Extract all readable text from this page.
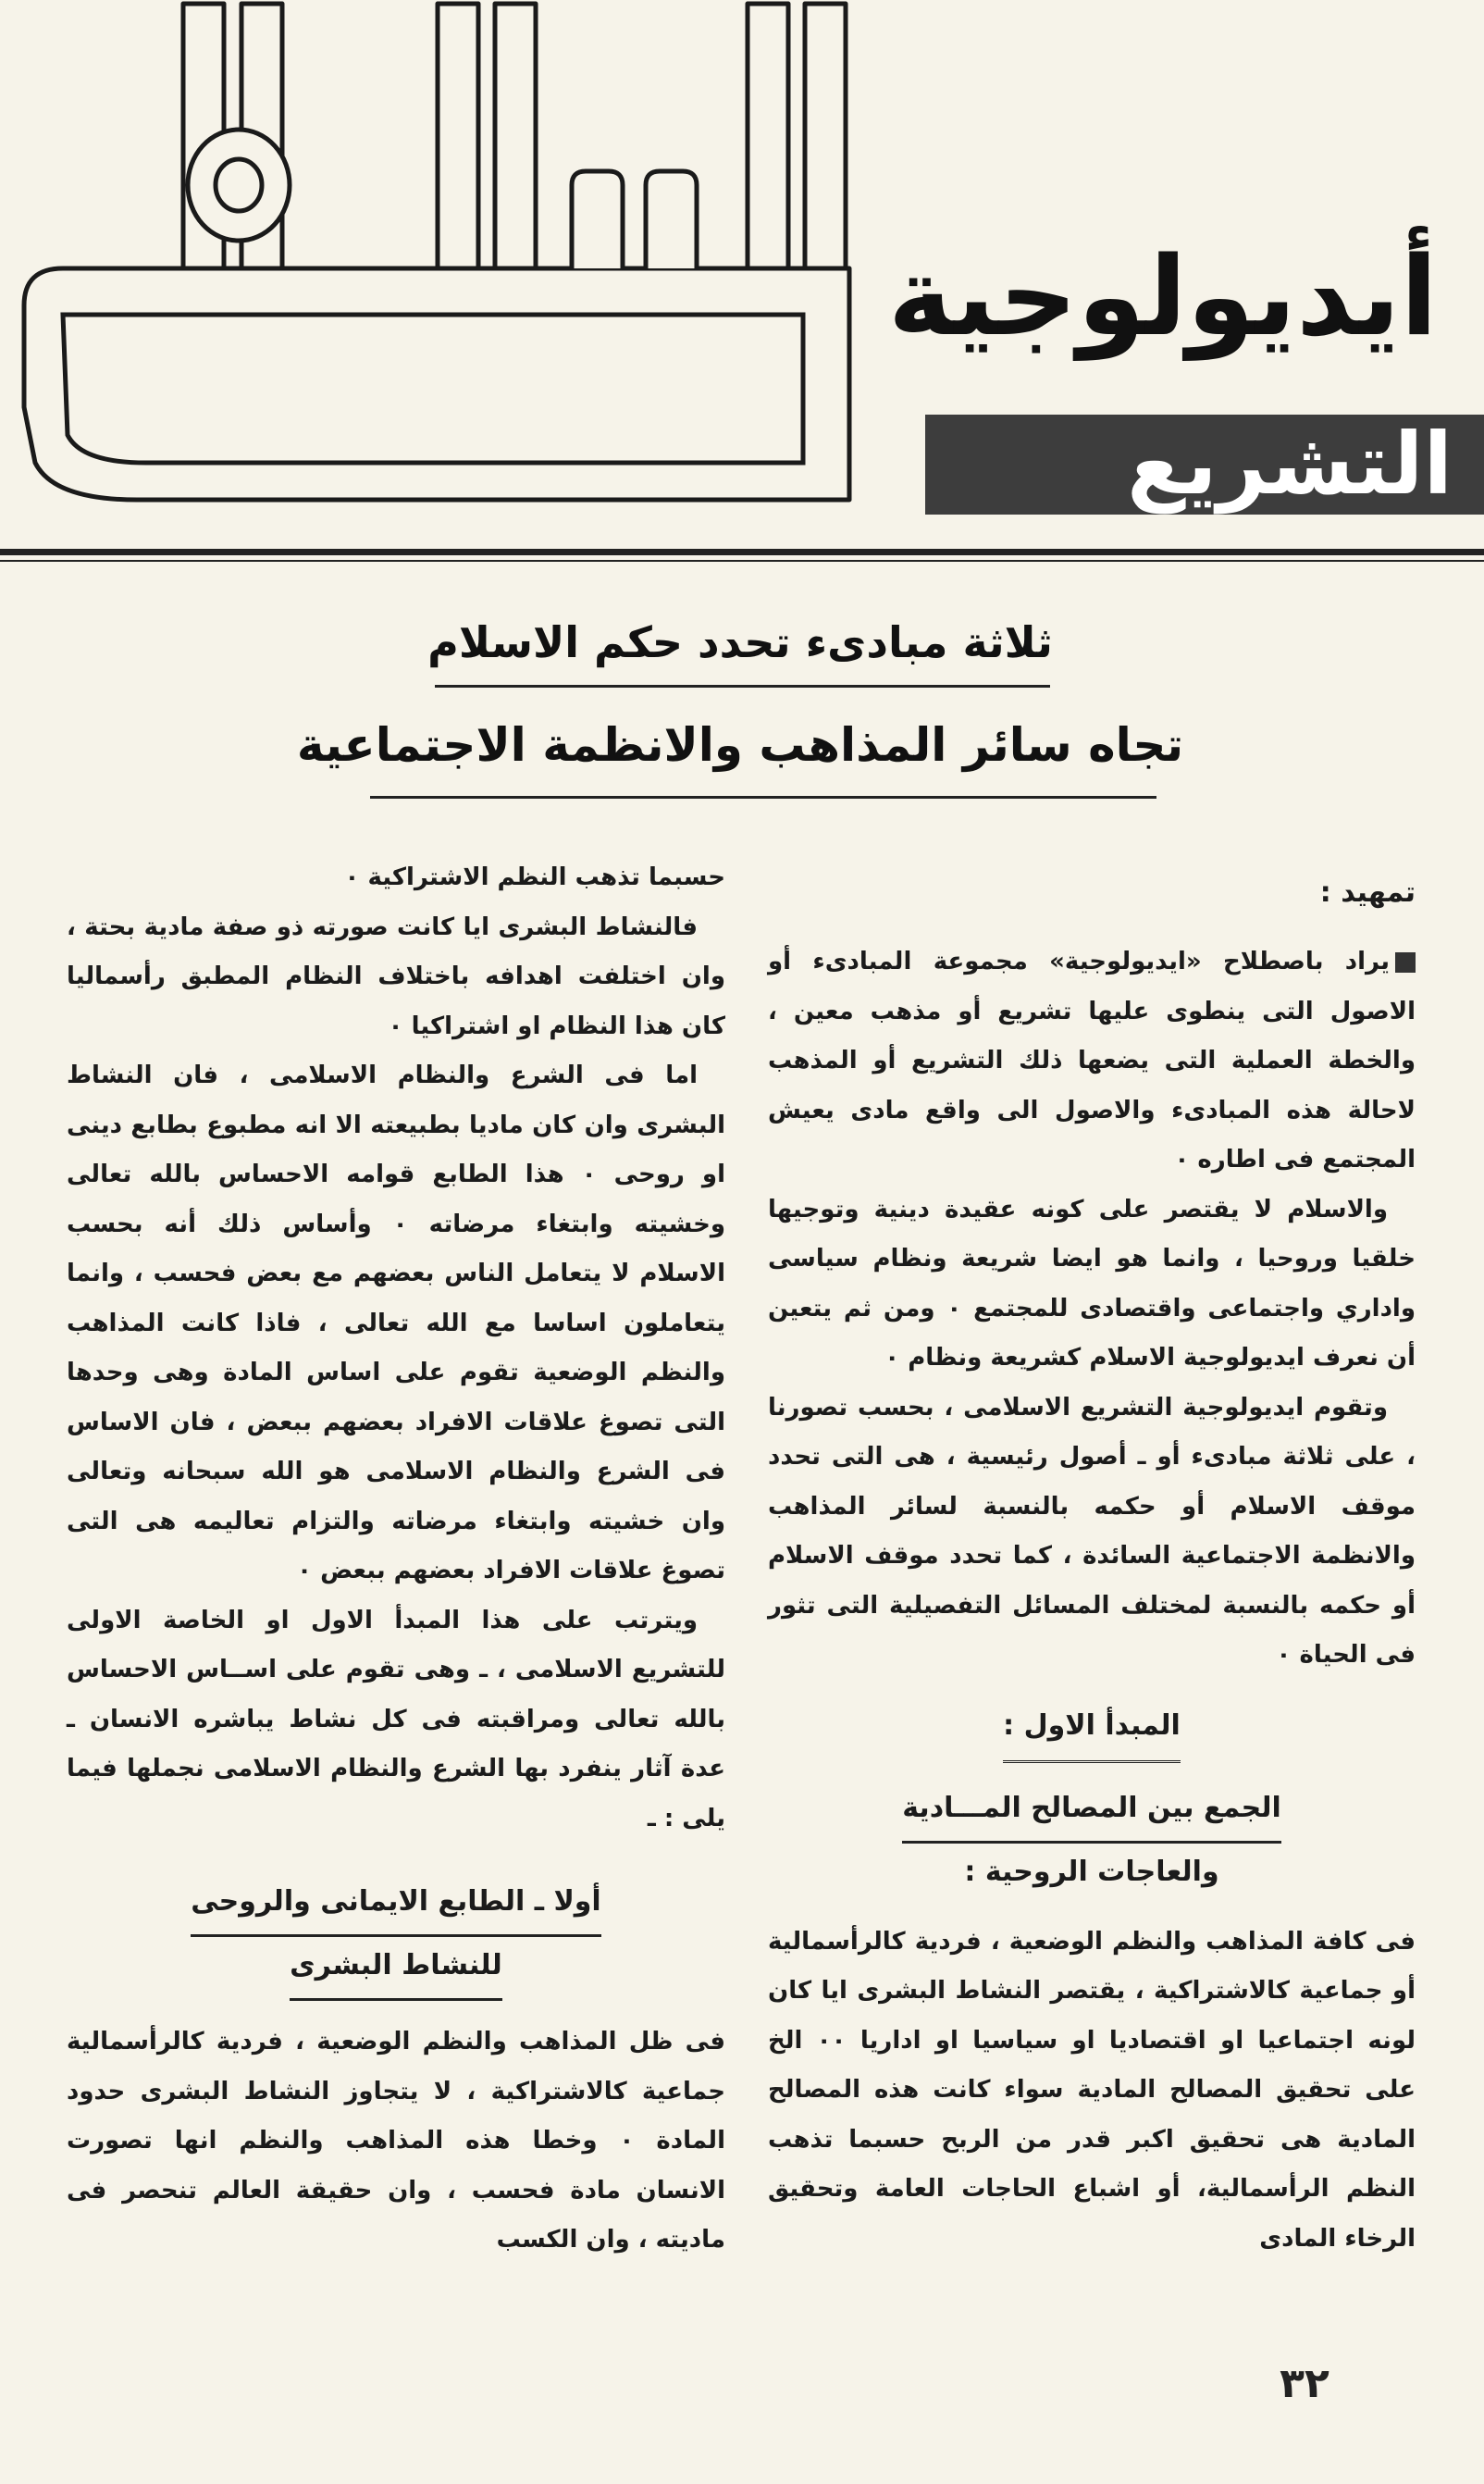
أيديولوجية
التشريع
ثلاثة مبادىء تحدد حكم الاسلام
تجاه سائر المذاهب والانظمة الاجتماعية

تمهيد :

يراد باصطلاح «ايديولوجية» مجموعة المبادىء أو الاصول التى ينطوى عليها تشريع أو مذهب معين ، والخطة العملية التى يضعها ذلك التشريع أو المذهب لاحالة هذه المبادىء والاصول الى واقع مادى يعيش المجتمع فى اطاره ٠

والاسلام لا يقتصر على كونه عقيدة دينية وتوجيها خلقيا وروحيا ، وانما هو ايضا شريعة ونظام سياسى واداري واجتماعى واقتصادى للمجتمع ٠ ومن ثم يتعين أن نعرف ايديولوجية الاسلام كشريعة ونظام ٠

وتقوم ايديولوجية التشريع الاسلامى ، بحسب تصورنا ، على ثلاثة مبادىء أو ـ أصول رئيسية ، هى التى تحدد موقف الاسلام أو حكمه بالنسبة لسائر المذاهب والانظمة الاجتماعية السائدة ، كما تحدد موقف الاسلام أو حكمه بالنسبة لمختلف المسائل التفصيلية التى تثور فى الحياة ٠

المبدأ الاول :

الجمع بين المصالح المـــادية

والعاجات الروحية :

فى كافة المذاهب والنظم الوضعية ، فردية كالرأسمالية أو جماعية كالاشتراكية ، يقتصر النشاط البشرى ايا كان لونه اجتماعيا او اقتصاديا او سياسيا او اداريا ٠٠ الخ على تحقيق المصالح المادية سواء كانت هذه المصالح المادية هى تحقيق اكبر قدر من الربح حسبما تذهب النظم الرأسمالية، أو اشباع الحاجات العامة وتحقيق الرخاء المادى

حسبما تذهب النظم الاشتراكية ٠

فالنشاط البشرى ايا كانت صورته ذو صفة مادية بحتة ، وان اختلفت اهدافه باختلاف النظام المطبق رأسماليا كان هذا النظام او اشتراكيا ٠

اما فى الشرع والنظام الاسلامى ، فان النشاط البشرى وان كان ماديا بطبيعته الا انه مطبوع بطابع دينى او روحى ٠ هذا الطابع قوامه الاحساس بالله تعالى وخشيته وابتغاء مرضاته ٠ وأساس ذلك أنه بحسب الاسلام لا يتعامل الناس بعضهم مع بعض فحسب ، وانما يتعاملون اساسا مع الله تعالى ، فاذا كانت المذاهب والنظم الوضعية تقوم على اساس المادة وهى وحدها التى تصوغ علاقات الافراد بعضهم ببعض ، فان الاساس فى الشرع والنظام الاسلامى هو الله سبحانه وتعالى وان خشيته وابتغاء مرضاته والتزام تعاليمه هى التى تصوغ علاقات الافراد بعضهم ببعض ٠

ويترتب على هذا المبدأ الاول او الخاصة الاولى للتشريع الاسلامى ، ـ وهى تقوم على اســاس الاحساس بالله تعالى ومراقبته فى كل نشاط يباشره الانسان ـ عدة آثار ينفرد بها الشرع والنظام الاسلامى نجملها فيما يلى : ـ

أولا ـ الطابع الايمانى والروحى

للنشاط البشرى

فى ظل المذاهب والنظم الوضعية ، فردية كالرأسمالية جماعية كالاشتراكية ، لا يتجاوز النشاط البشرى حدود المادة ٠ وخطا هذه المذاهب والنظم انها تصورت الانسان مادة فحسب ، وان حقيقة العالم تنحصر فى ماديته ، وان الكسب

٣٢
